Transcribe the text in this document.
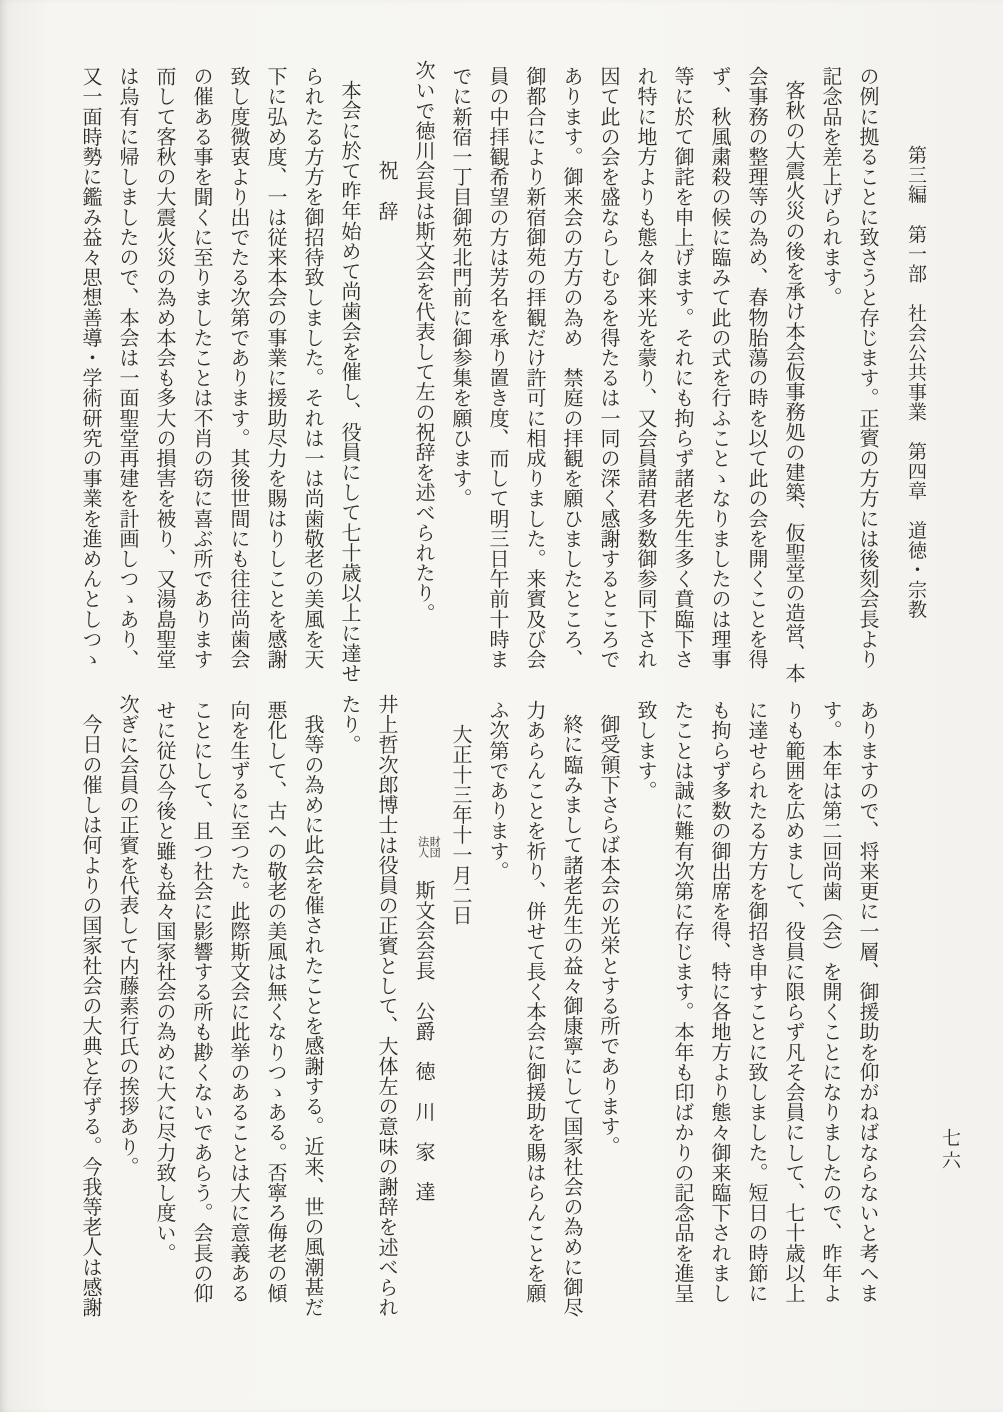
第三編　第一部　社会公共事業　第四章　道徳・宗教
七六
の例に拠ることに致さうと存じます。正賓の方方には後刻会長より
記念品を差上げられます。
客秋の大震火災の後を承け本会仮事務処の建築、仮聖堂の造営、本
会事務の整理等の為め、春物胎蕩の時を以て此の会を開くことを得
ず、秋風粛殺の候に臨みて此の式を行ふことゝなりましたのは理事
等に於て御詫を申上げます。それにも拘らず諸老先生多く賁臨下さ
れ特に地方よりも態々御来光を蒙り、又会員諸君多数御参同下され
因て此の会を盛ならしむるを得たるは一同の深く感謝するところで
あります。御来会の方方の為め　禁庭の拝観を願ひましたところ、
御都合により新宿御苑の拝観だけ許可に相成りました。来賓及び会
員の中拝観希望の方は芳名を承り置き度、而して明三日午前十時ま
でに新宿一丁目御苑北門前に御参集を願ひます。
次いで徳川会長は斯文会を代表して左の祝辞を述べられたり。
祝　辞
本会に於て昨年始めて尚歯会を催し、役員にして七十歳以上に達せ
られたる方方を御招待致しました。それは一は尚歯敬老の美風を天
下に弘め度、一は従来本会の事業に援助尽力を賜はりしことを感謝
致し度微衷より出でたる次第であります。其後世間にも往往尚歯会
の催ある事を聞くに至りましたことは不肖の窃に喜ぶ所であります
而して客秋の大震火災の為め本会も多大の損害を被り、又湯島聖堂
は烏有に帰しましたので、本会は一面聖堂再建を計画しつゝあり、
又一面時勢に鑑み益々思想善導・学術研究の事業を進めんとしつゝ
ありますので、将来更に一層、御援助を仰がねばならないと考へま
す。本年は第二回尚歯（会）を開くことになりましたので、昨年よ
りも範囲を広めまして、役員に限らず凡そ会員にして、七十歳以上
に達せられたる方方を御招き申すことに致しました。短日の時節に
も拘らず多数の御出席を得、特に各地方より態々御来臨下されまし
たことは誠に難有次第に存じます。本年も印ばかりの記念品を進呈
致します。
御受領下さらば本会の光栄とする所であります。
終に臨みまして諸老先生の益々御康寧にして国家社会の為めに御尽
力あらんことを祈り、併せて長く本会に御援助を賜はらんことを願
ふ次第であります。
大正十三年十一月二日
財団
法人
　斯文会会長　公爵　徳　川　家　達
井上哲次郎博士は役員の正賓として、大体左の意味の謝辞を述べられ
たり。
我等の為めに此会を催されたことを感謝する。近来、世の風潮甚だ
悪化して、古への敬老の美風は無くなりつゝある。否寧ろ侮老の傾
向を生ずるに至つた。此際斯文会に此挙のあることは大に意義ある
ことにして、且つ社会に影響する所も尠くないであらう。会長の仰
せに従ひ今後と雖も益々国家社会の為めに大に尽力致し度い。
次ぎに会員の正賓を代表して内藤素行氏の挨拶あり。
今日の催しは何よりの国家社会の大典と存ずる。今我等老人は感謝
